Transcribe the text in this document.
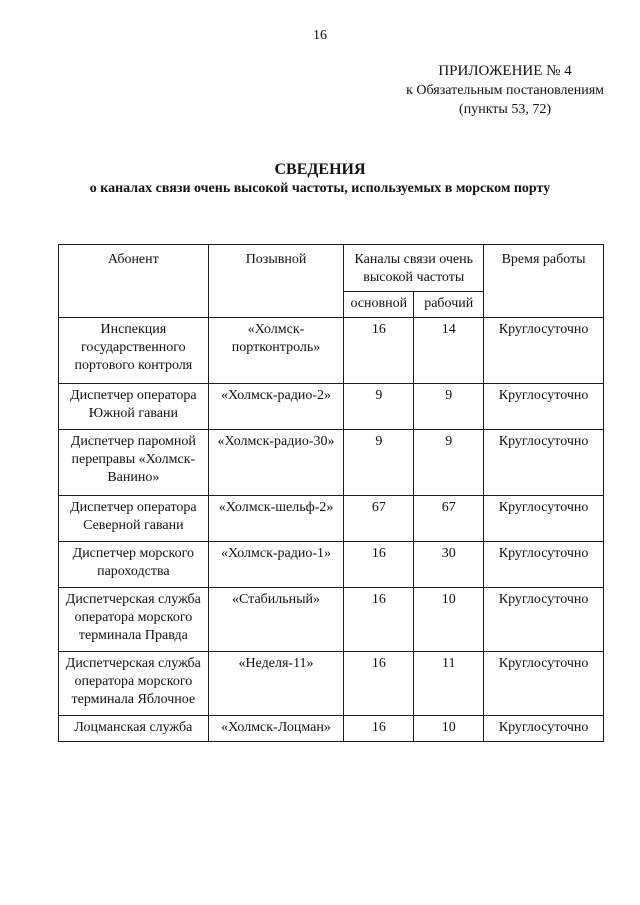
16
ПРИЛОЖЕНИЕ № 4
к Обязательным постановлениям
(пункты 53, 72)
СВЕДЕНИЯ
о каналах связи очень высокой частоты, используемых в морском порту
Абонент	Позывной	Каналы связи очень высокой частоты		Время работы
		основной	рабочий	
Инспекция государственного портового контроля	«Холмск-портконтроль»	16	14	Круглосуточно
Диспетчер оператора Южной гавани	«Холмск-радио-2»	9	9	Круглосуточно
Диспетчер паромной переправы «Холмск-Ванино»	«Холмск-радио-30»	9	9	Круглосуточно
Диспетчер оператора Северной гавани	«Холмск-шельф-2»	67	67	Круглосуточно
Диспетчер морского пароходства	«Холмск-радио-1»	16	30	Круглосуточно
Диспетчерская служба оператора морского терминала Правда	«Стабильный»	16	10	Круглосуточно
Диспетчерская служба оператора морского терминала Яблочное	«Неделя-11»	16	11	Круглосуточно
Лоцманская служба	«Холмск-Лоцман»	16	10	Круглосуточно
